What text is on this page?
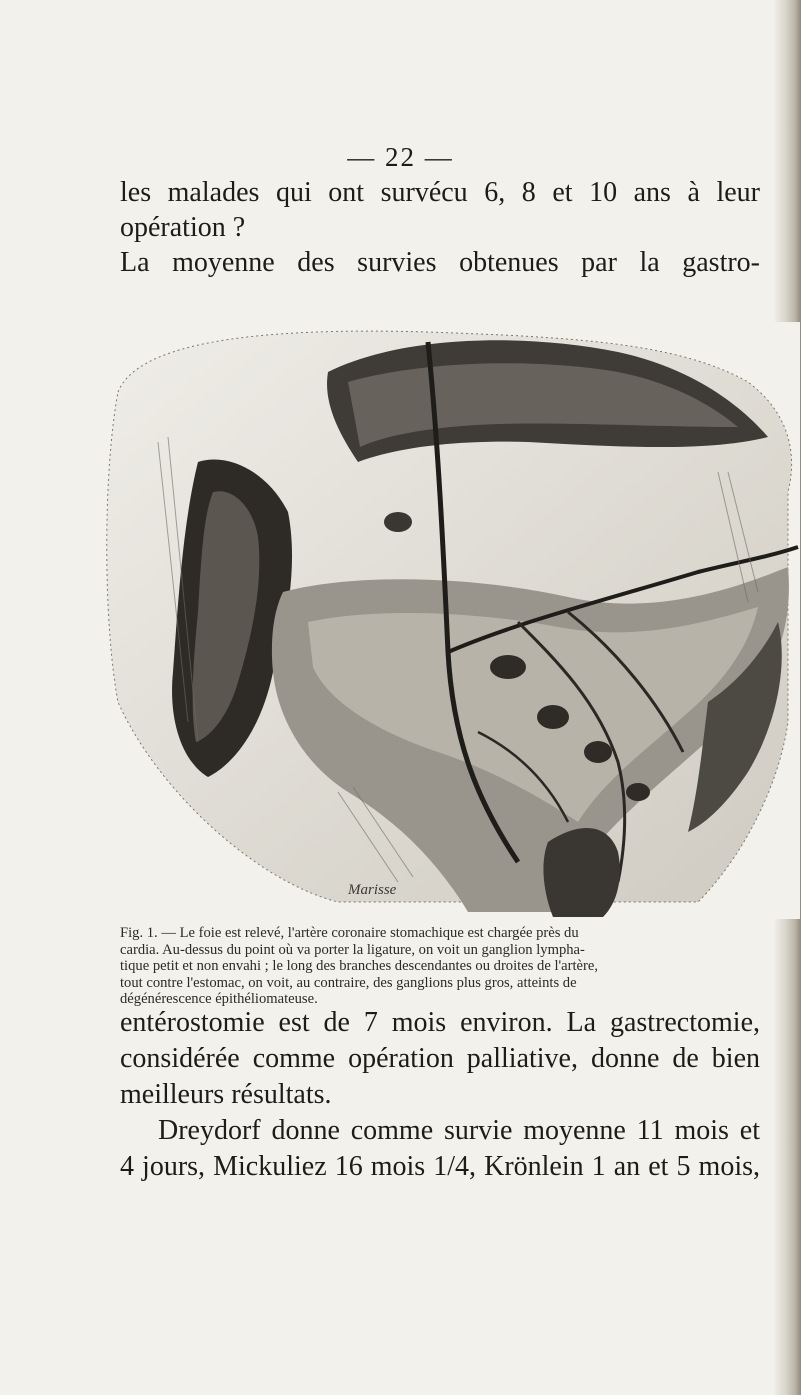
— 22 —
les malades qui ont survécu 6, 8 et 10 ans à leur
opération ?
La moyenne des survies obtenues par la gastro-
Marisse
Fig. 1. — Le foie est relevé, l'artère coronaire stomachique est chargée près du
cardia. Au-dessus du point où va porter la ligature, on voit un ganglion lympha-
tique petit et non envahi ; le long des branches descendantes ou droites de l'artère,
tout contre l'estomac, on voit, au contraire, des ganglions plus gros, atteints de
dégénérescence épithéliomateuse.
entérostomie est de 7 mois environ. La gastrectomie,
considérée comme opération palliative, donne de bien
meilleurs résultats.
Dreydorf donne comme survie moyenne 11 mois et
4 jours, Mickuliez 16 mois 1/4, Krönlein 1 an et 5 mois,
